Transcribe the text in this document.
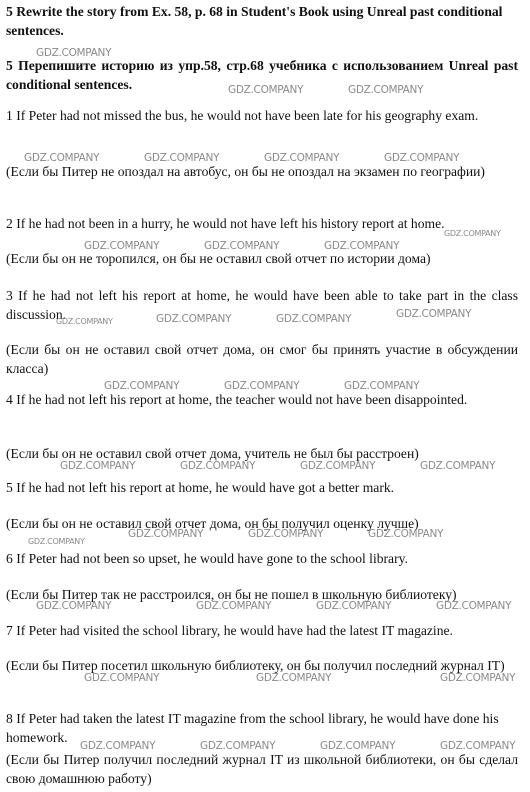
5 Rewrite the story from Ex. 58, p. 68 in Student's Book using Unreal past conditional sentences.

5 Перепишите историю из упр.58, стр.68 учебника с использованием Unreal past conditional sentences.

1 If Peter had not missed the bus, he would not have been late for his geography exam.

(Если бы Питер не опоздал на автобус, он бы не опоздал на экзамен по географии)

2 If he had not been in a hurry, he would not have left his history report at home.

(Если бы он не торопился, он бы не оставил свой отчет по истории дома)

3 If he had not left his report at home, he would have been able to take part in the class discussion.

(Если бы он не оставил свой отчет дома, он смог бы принять участие в обсуждении класса)

4 If he had not left his report at home, the teacher would not have been disappointed.

(Если бы он не оставил свой отчет дома, учитель не был бы расстроен)

5 If he had not left his report at home, he would have got a better mark.

(Если бы он не оставил свой отчет дома, он бы получил оценку лучше)

6 If Peter had not been so upset, he would have gone to the school library.

(Если бы Питер так не расстроился, он бы не пошел в школьную библиотеку)

7 If Peter had visited the school library, he would have had the latest IT magazine.

(Если бы Питер посетил школьную библиотеку, он бы получил последний журнал IT)

8 If Peter had taken the latest IT magazine from the school library, he would have done his homework.

(Если бы Питер получил последний журнал IT из школьной библиотеки, он бы сделал свою домашнюю работу)

GDZ.COMPANY
GDZ.COMPANY	GDZ.COMPANY
GDZ.COMPANY	GDZ.COMPANY	GDZ.COMPANY	GDZ.COMPANY
GDZ.COMPANY
GDZ.COMPANY	GDZ.COMPANY	GDZ.COMPANY
GDZ.COMPANY
GDZ.COMPANY	GDZ.COMPANY
GDZ.COMPANY
GDZ.COMPANY	GDZ.COMPANY	GDZ.COMPANY
GDZ.COMPANY	GDZ.COMPANY	GDZ.COMPANY	GDZ.COMPANY
GDZ.COMPANY	GDZ.COMPANY	GDZ.COMPANY
GDZ.COMPANY
GDZ.COMPANY	GDZ.COMPANY	GDZ.COMPANY	GDZ.COMPANY
GDZ.COMPANY	GDZ.COMPANY	GDZ.COMPANY
GDZ.COMPANY	GDZ.COMPANY	GDZ.COMPANY	GDZ.COMPANY
